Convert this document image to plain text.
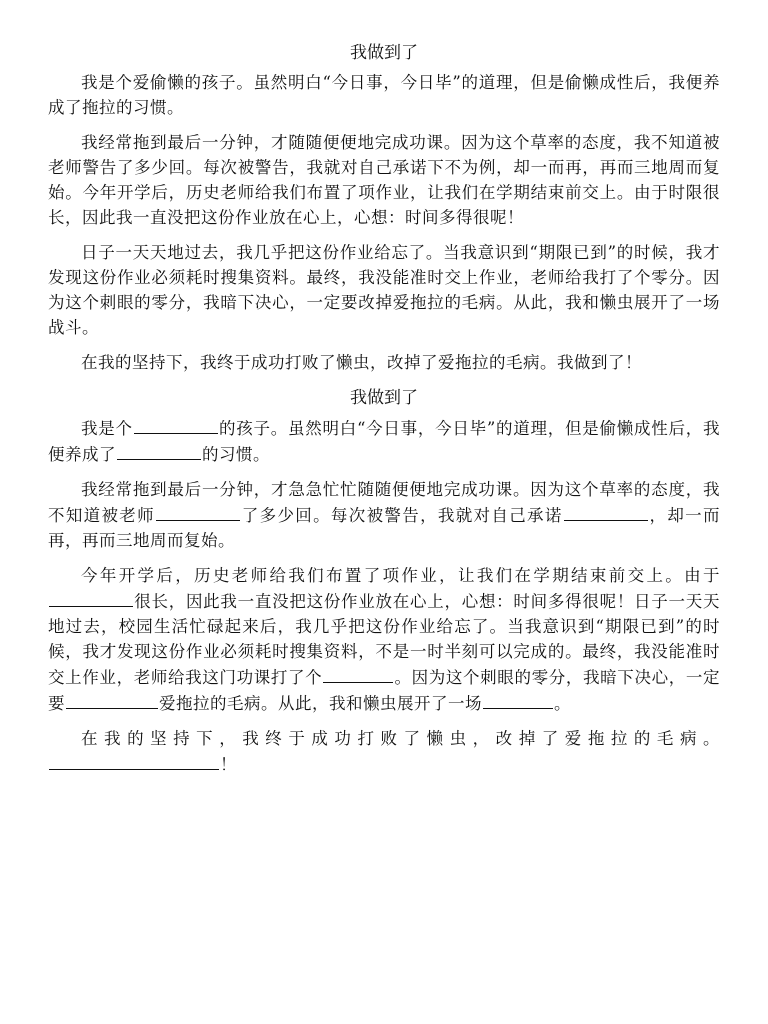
我做到了

我是个爱偷懒的孩子。虽然明白“今日事，今日毕”的道理，但是偷懒成性后，我便养成了拖拉的习惯。

我经常拖到最后一分钟，才随随便便地完成功课。因为这个草率的态度，我不知道被老师警告了多少回。每次被警告，我就对自己承诺下不为例，却一而再，再而三地周而复始。今年开学后，历史老师给我们布置了项作业，让我们在学期结束前交上。由于时限很长，因此我一直没把这份作业放在心上，心想：时间多得很呢！

日子一天天地过去，我几乎把这份作业给忘了。当我意识到“期限已到”的时候，我才发现这份作业必须耗时搜集资料。最终，我没能准时交上作业，老师给我打了个零分。因为这个刺眼的零分，我暗下决心，一定要改掉爱拖拉的毛病。从此，我和懒虫展开了一场战斗。

在我的坚持下，我终于成功打败了懒虫，改掉了爱拖拉的毛病。我做到了！

我做到了

我是个	的孩子。虽然明白“今日事，今日毕”的道理，但是偷懒成性后，我便养成了	的习惯。

我经常拖到最后一分钟，才急急忙忙随随便便地完成功课。因为这个草率的态度，我不知道被老师	了多少回。每次被警告，我就对自己承诺	，却一而再，再而三地周而复始。

今年开学后，历史老师给我们布置了项作业，让我们在学期结束前交上。由于很长，因此我一直没把这份作业放在心上，心想：时间多得很呢！日子一天天地过去，校园生活忙碌起来后，我几乎把这份作业给忘了。当我意识到“期限已到”的时候，我才发现这份作业必须耗时搜集资料，不是一时半刻可以完成的。最终，我没能准时交上作业，老师给我这门功课打了个	。因为这个刺眼的零分，我暗下决心，一定要	爱拖拉的毛病。从此，我和懒虫展开了一场	。

在我的坚持下，我终于成功打败了懒虫，改掉了爱拖拉的毛病。！
